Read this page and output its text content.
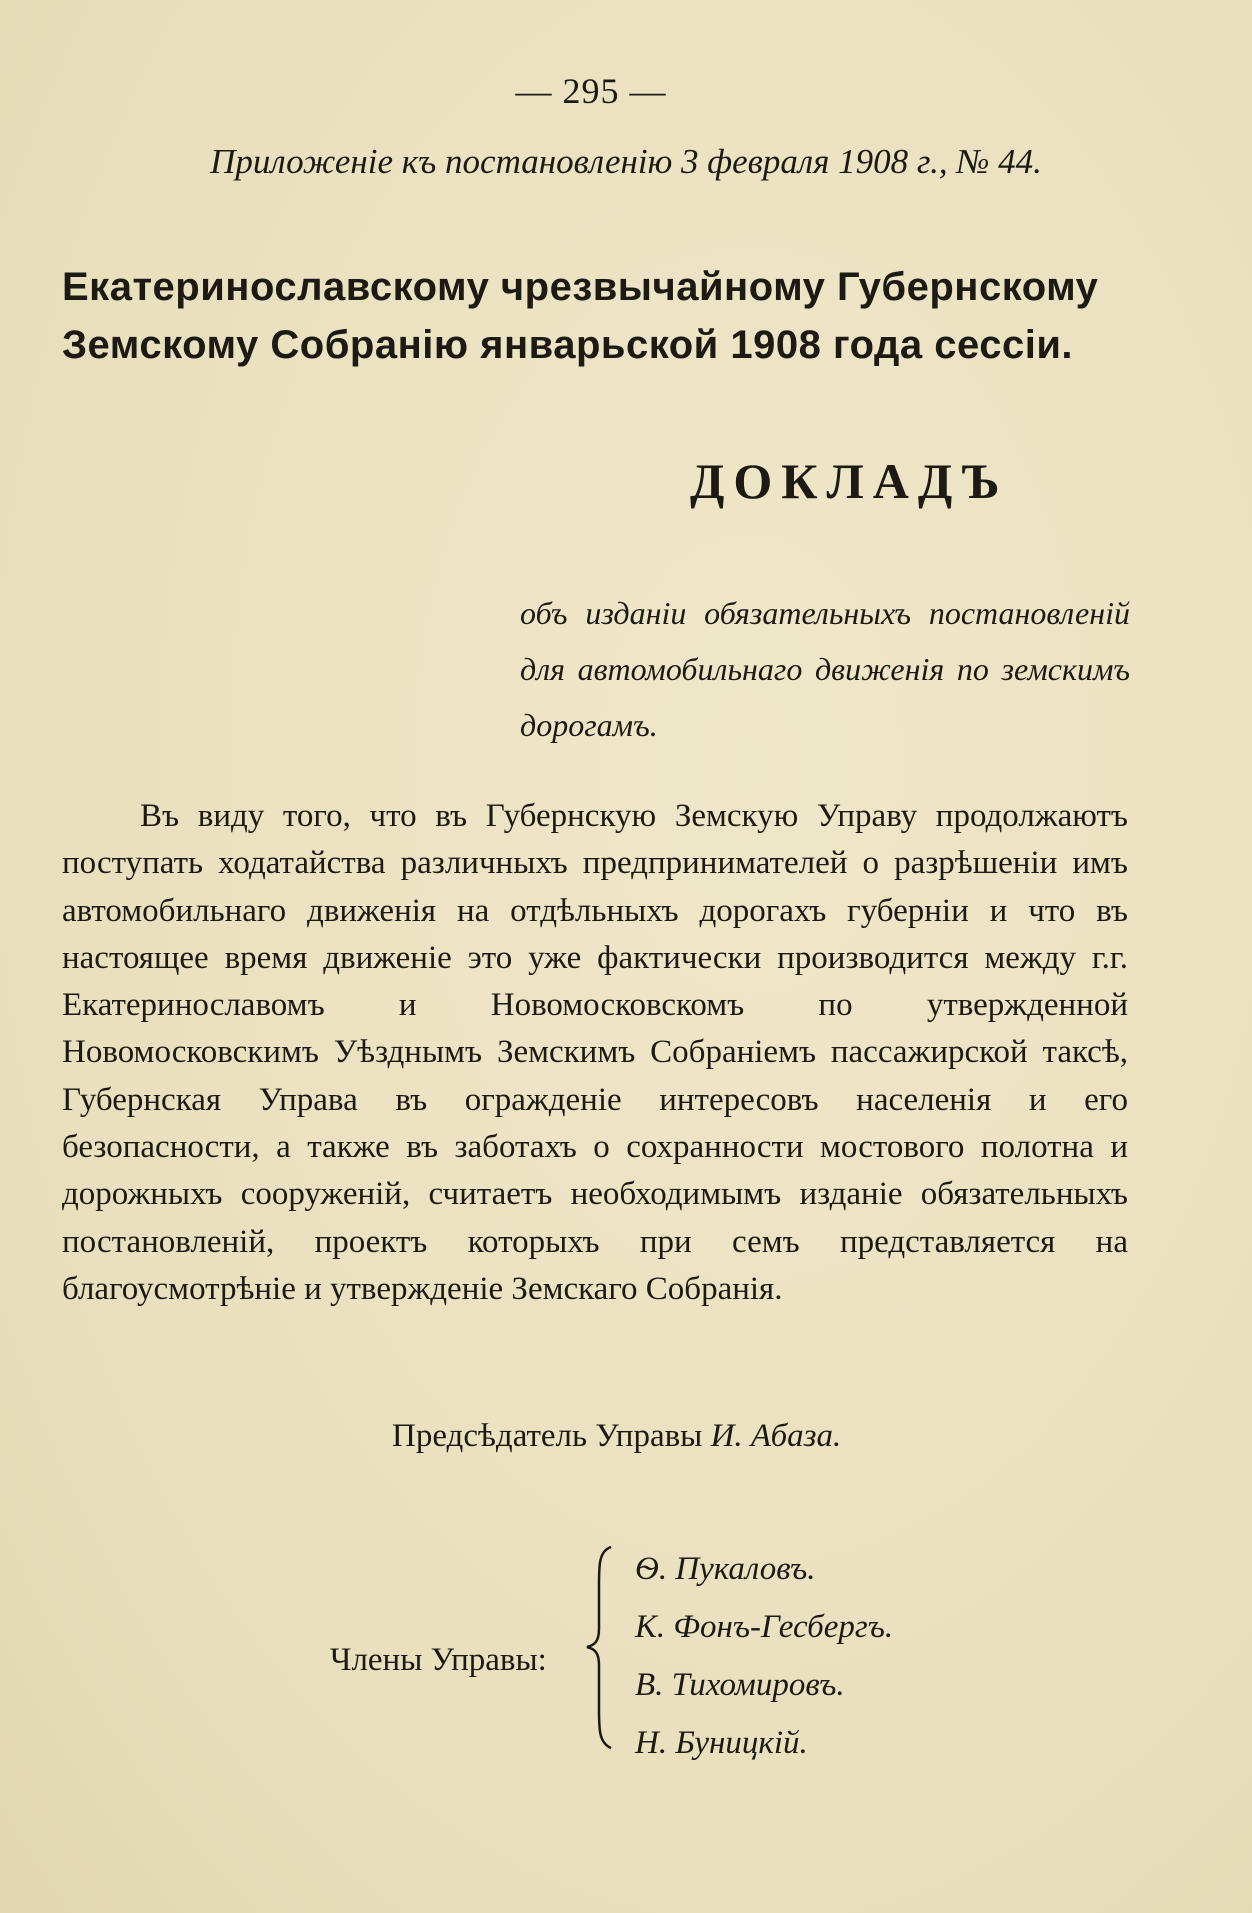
— 295 —
Приложеніе къ постановленію 3 февраля 1908 г., № 44.
Екатеринославскому чрезвычайному Губернскому Земскому Собранію январьской 1908 года сессіи.
ДОКЛАДЪ
объ изданіи обязательныхъ постановленій для автомобильнаго движенія по земскимъ дорогамъ.
Въ виду того, что въ Губернскую Земскую Управу продолжаютъ поступать ходатайства различныхъ предпринимателей о разрѣшеніи имъ автомобильнаго движенія на отдѣльныхъ дорогахъ губерніи и что въ настоящее время движеніе это уже фактически производится между г.г. Екатеринославомъ и Новомосковскомъ по утвержденной Новомосковскимъ Уѣзднымъ Земскимъ Собраніемъ пассажирской таксѣ, Губернская Управа въ огражденіе интересовъ населенія и его безопасности, а также въ заботахъ о сохранности мостового полотна и дорожныхъ сооруженій, считаетъ необходимымъ изданіе обязательныхъ постановленій, проектъ которыхъ при семъ представляется на благоусмотрѣніе и утвержденіе Земскаго Собранія.
Предсѣдатель Управы И. Абаза.
Члены Управы:
Ѳ. Пукаловъ.
К. Фонъ-Гесбергъ.
В. Тихомировъ.
Н. Буницкій.
